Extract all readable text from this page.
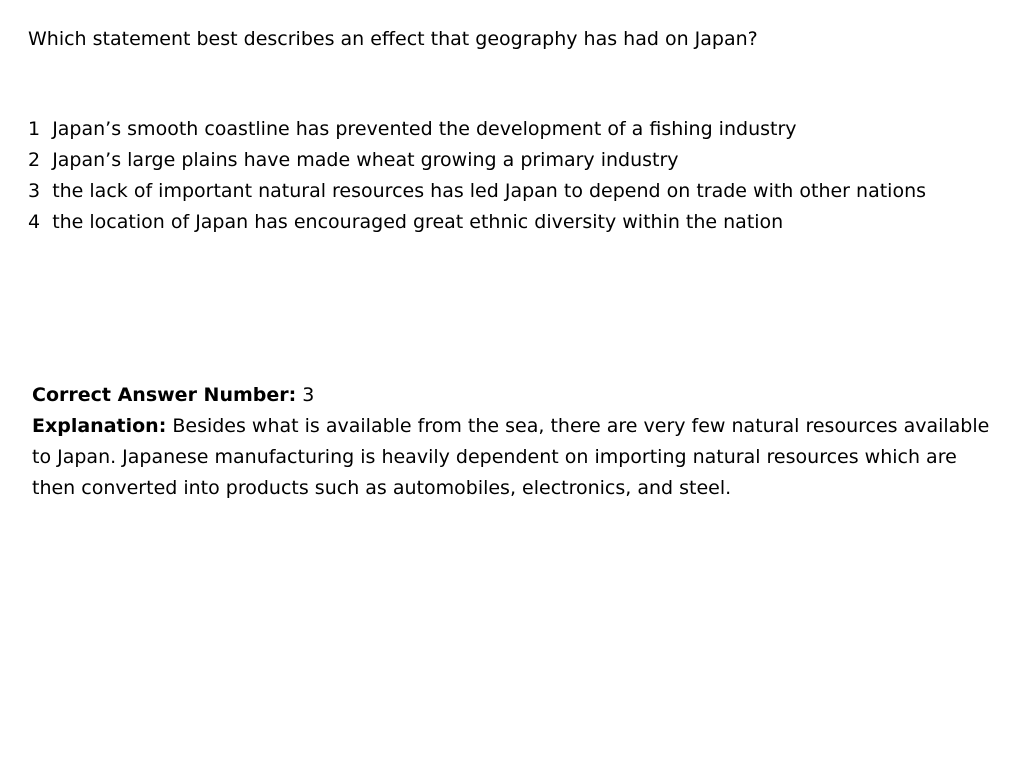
Which statement best describes an effect that geography has had on Japan?
1 Japan’s smooth coastline has prevented the development of a fishing industry
2 Japan’s large plains have made wheat growing a primary industry
3 the lack of important natural resources has led Japan to depend on trade with other nations
4 the location of Japan has encouraged great ethnic diversity within the nation

Correct Answer Number: 3

Explanation: Besides what is available from the sea, there are very few natural resources available to Japan. Japanese manufacturing is heavily dependent on importing natural resources which are then converted into products such as automobiles, electronics, and steel.
